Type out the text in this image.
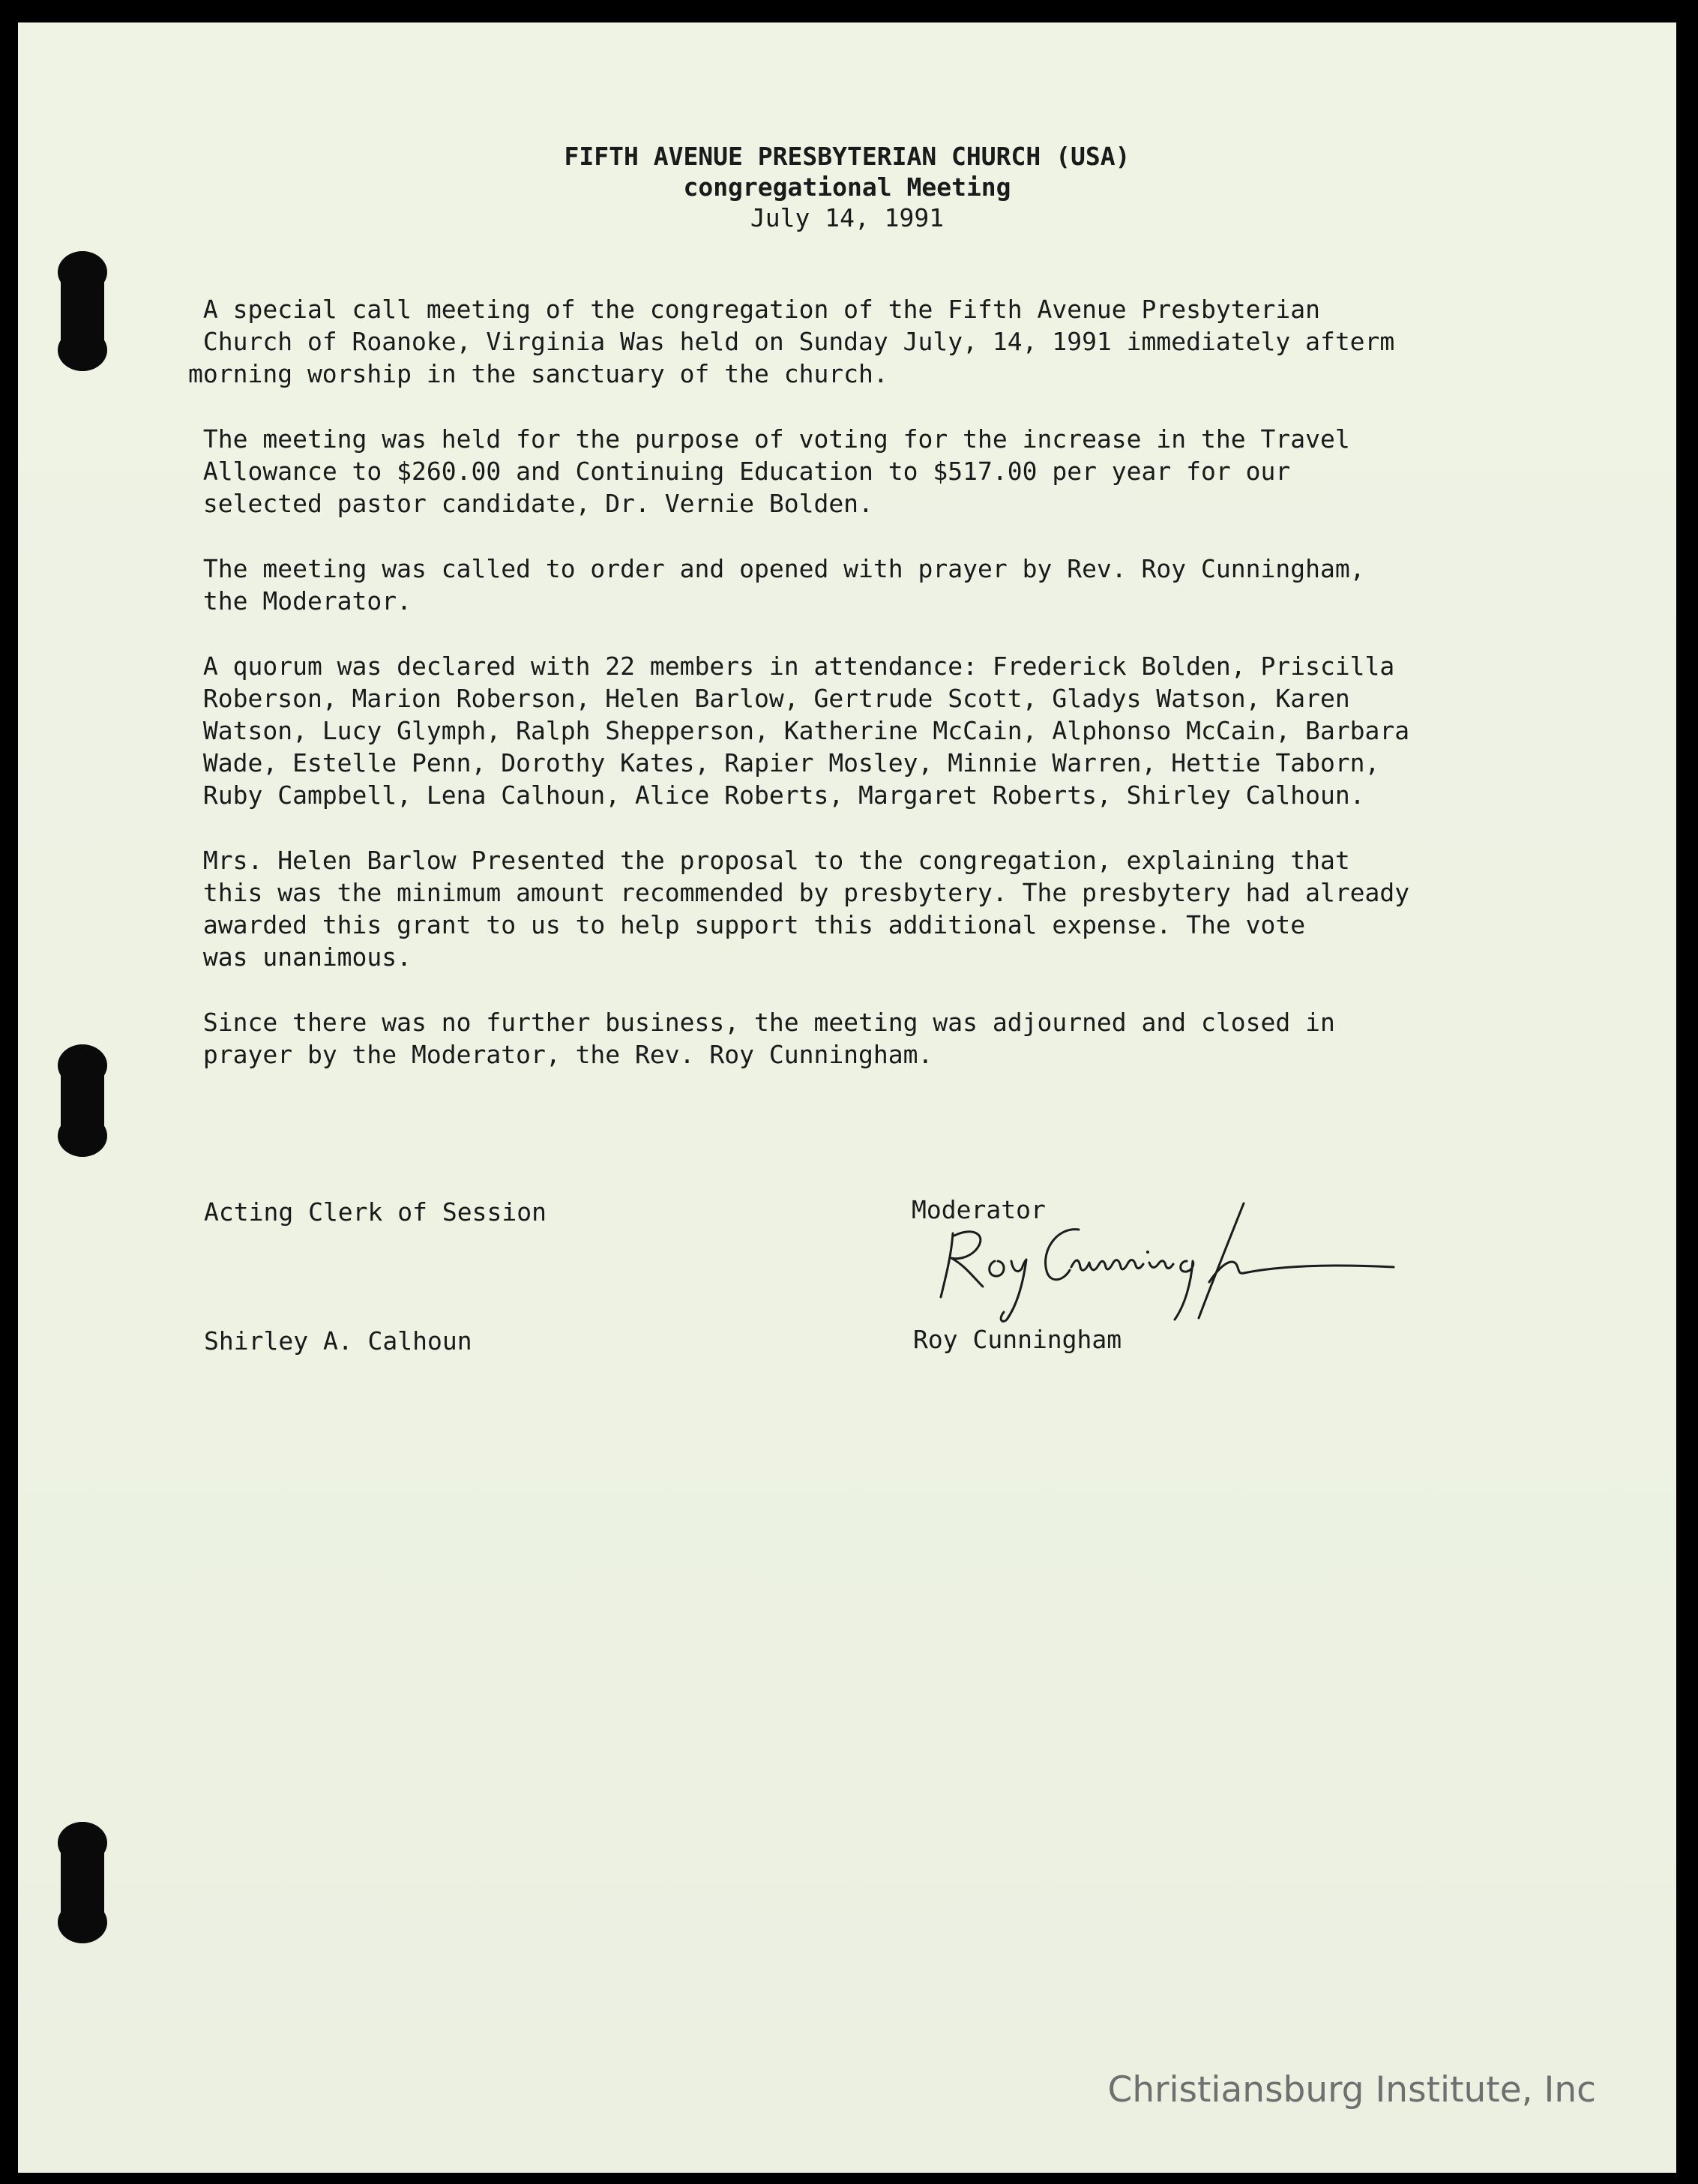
FIFTH AVENUE PRESBYTERIAN CHURCH (USA)
congregational Meeting
July 14, 1991

A special call meeting of the congregation of the Fifth Avenue Presbyterian
Church of Roanoke, Virginia Was held on Sunday July, 14, 1991 immediately afterm
morning worship in the sanctuary of the church.

The meeting was held for the purpose of voting for the increase in the Travel
Allowance to $260.00 and Continuing Education to $517.00 per year for our
selected pastor candidate, Dr. Vernie Bolden.

The meeting was called to order and opened with prayer by Rev. Roy Cunningham,
the Moderator.

A quorum was declared with 22 members in attendance: Frederick Bolden, Priscilla
Roberson, Marion Roberson, Helen Barlow, Gertrude Scott, Gladys Watson, Karen
Watson, Lucy Glymph, Ralph Shepperson, Katherine McCain, Alphonso McCain, Barbara
Wade, Estelle Penn, Dorothy Kates, Rapier Mosley, Minnie Warren, Hettie Taborn,
Ruby Campbell, Lena Calhoun, Alice Roberts, Margaret Roberts, Shirley Calhoun.

Mrs. Helen Barlow Presented the proposal to the congregation, explaining that
this was the minimum amount recommended by presbytery. The presbytery had already
awarded this grant to us to help support this additional expense. The vote
was unanimous.

Since there was no further business, the meeting was adjourned and closed in
prayer by the Moderator, the Rev. Roy Cunningham.

Acting Clerk of Session	Moderator
Shirley A. Calhoun	Roy Cunningham
Christiansburg Institute, Inc
